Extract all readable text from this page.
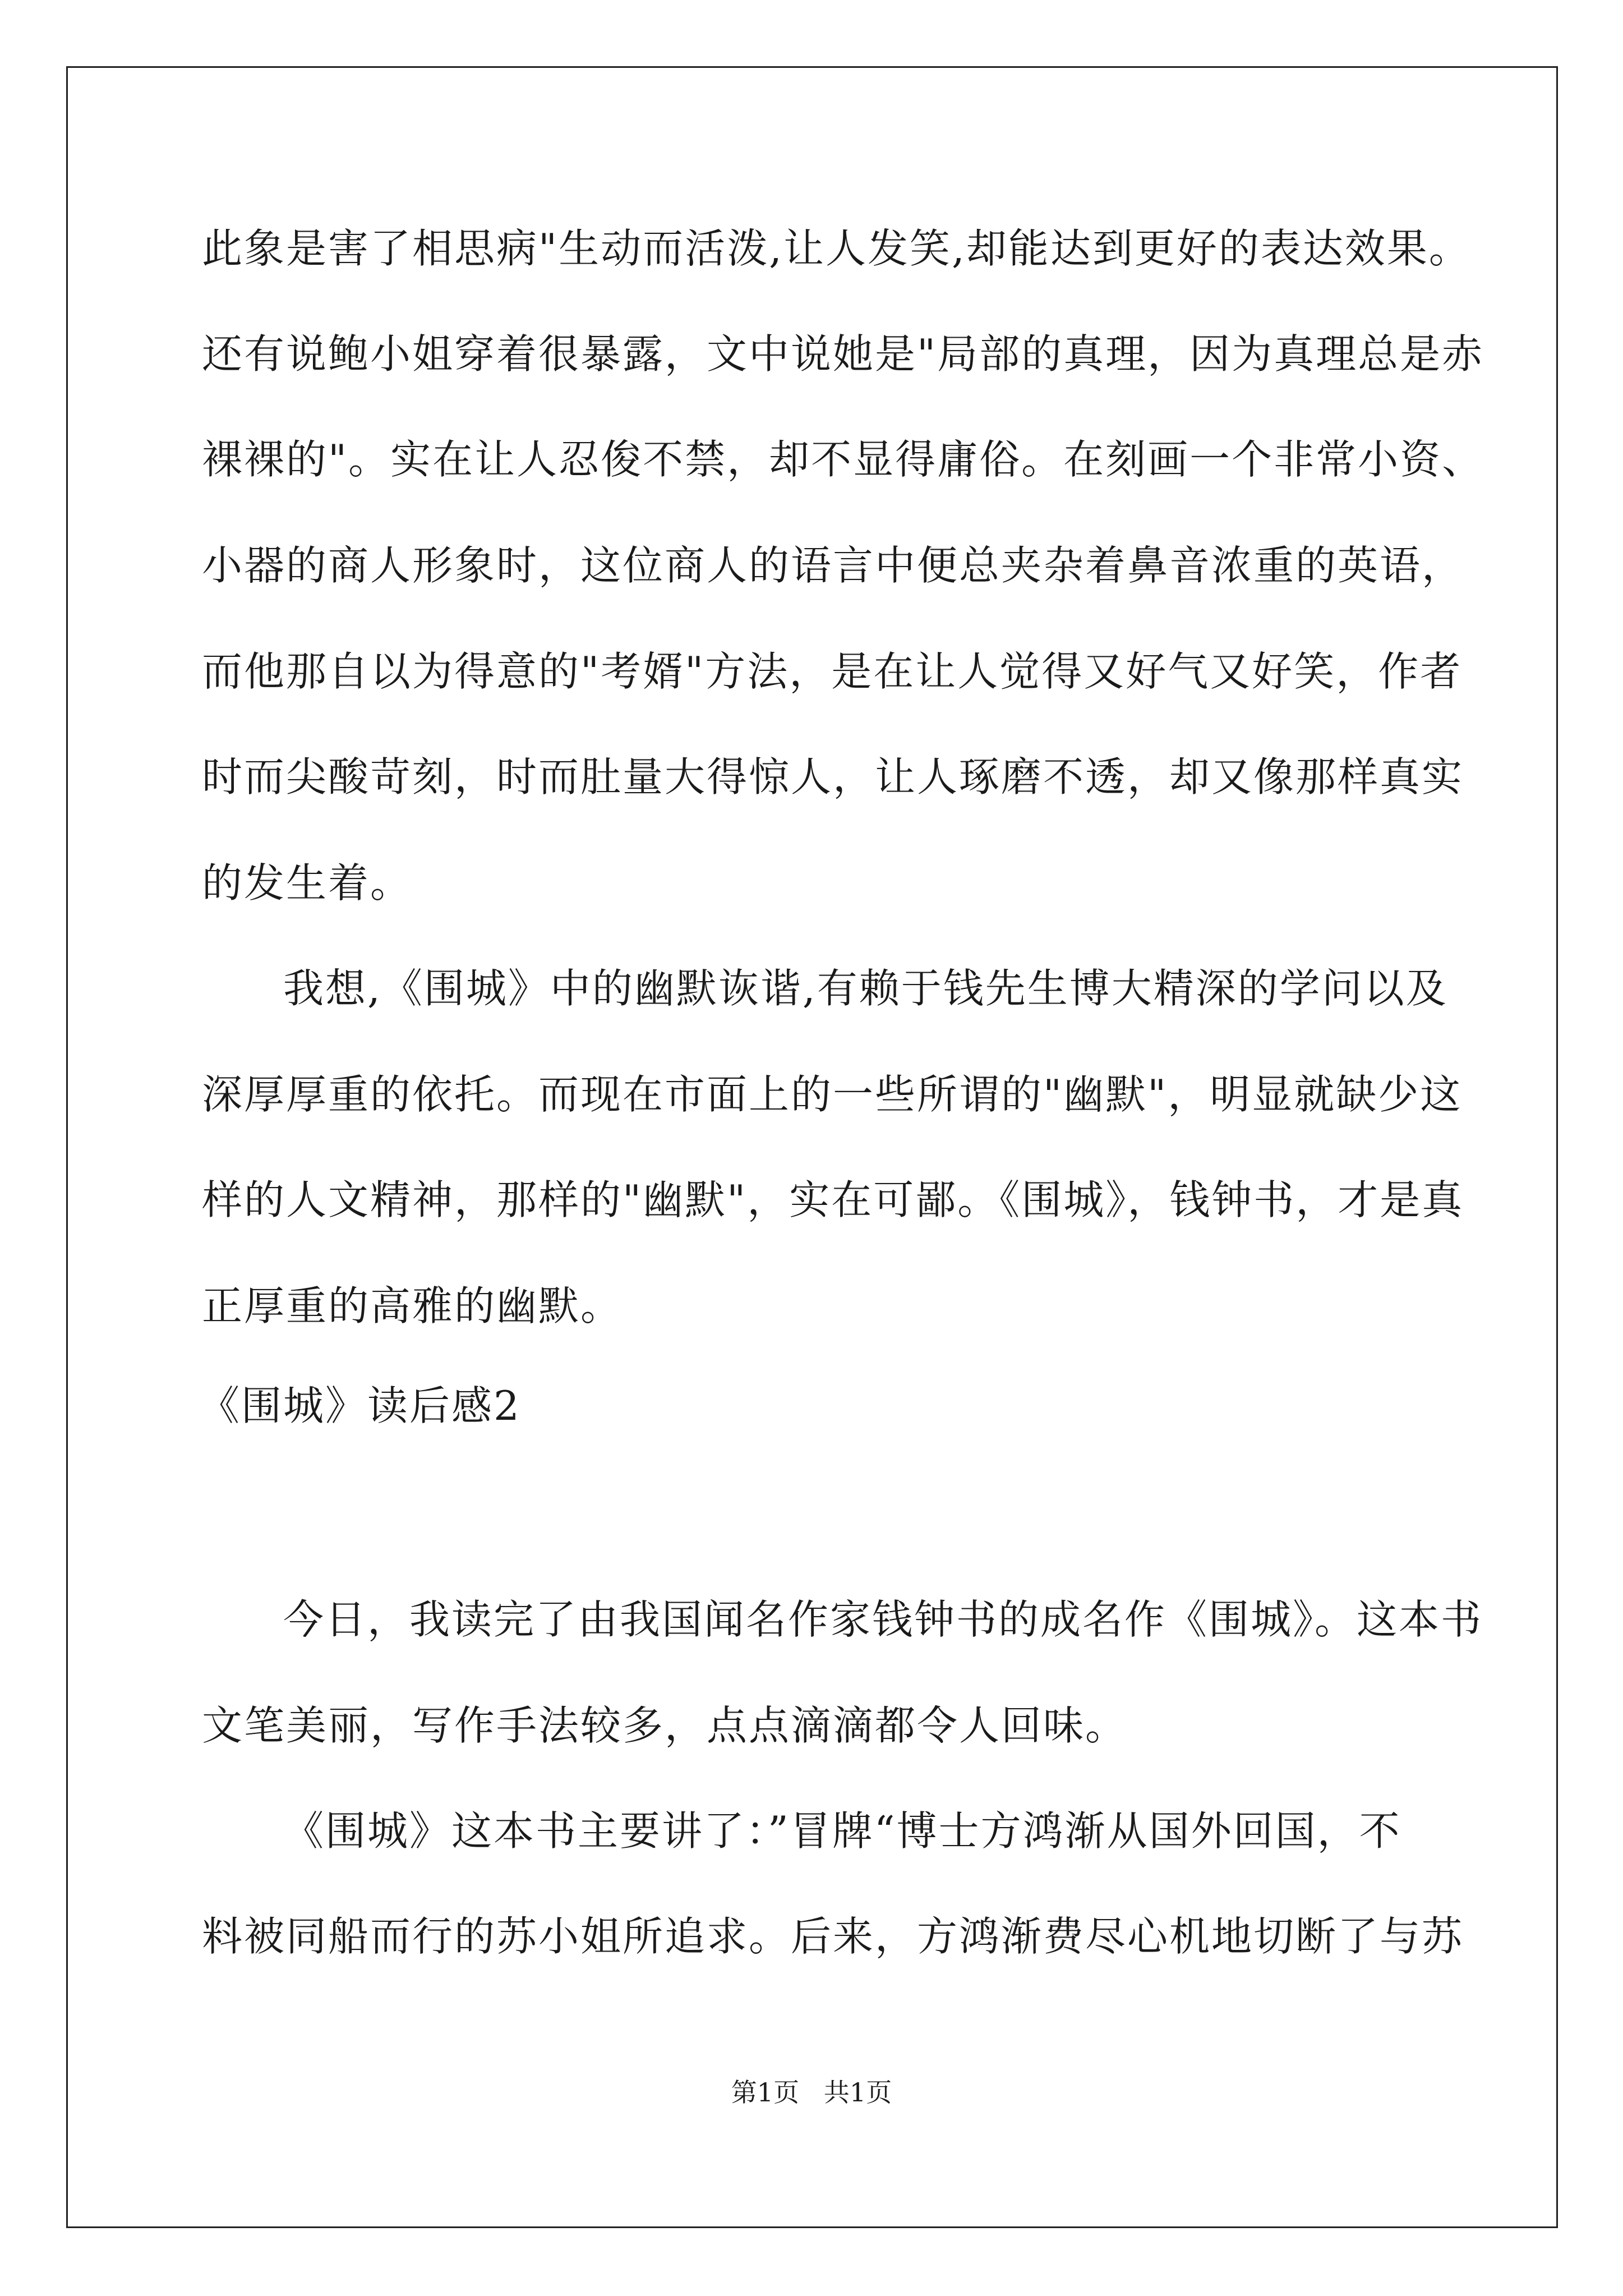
此象是害了相思病"生动而活泼,让人发笑,却能达到更好的表达效果。
还有说鲍小姐穿着很暴露，文中说她是"局部的真理，因为真理总是赤
裸裸的"。实在让人忍俊不禁，却不显得庸俗。在刻画一个非常小资、
小器的商人形象时，这位商人的语言中便总夹杂着鼻音浓重的英语，
而他那自以为得意的"考婿"方法，是在让人觉得又好气又好笑，作者
时而尖酸苛刻，时而肚量大得惊人，让人琢磨不透，却又像那样真实
的发生着。
我想,《围城》中的幽默诙谐,有赖于钱先生博大精深的学问以及
深厚厚重的依托。而现在市面上的一些所谓的"幽默"，明显就缺少这
样的人文精神，那样的"幽默"，实在可鄙。《围城》，钱钟书，才是真
正厚重的高雅的幽默。
《围城》读后感2
今日，我读完了由我国闻名作家钱钟书的成名作《围城》。这本书
文笔美丽，写作手法较多，点点滴滴都令人回味。
《围城》这本书主要讲了：”冒牌“博士方鸿渐从国外回国，不
料被同船而行的苏小姐所追求。后来，方鸿渐费尽心机地切断了与苏
第1页   共1页
